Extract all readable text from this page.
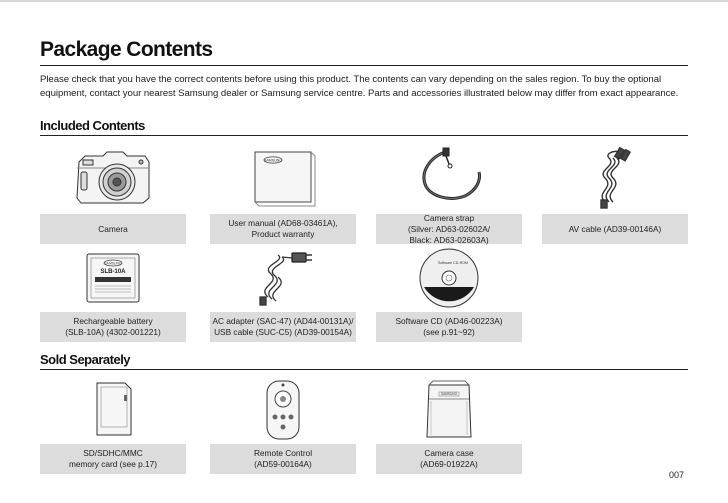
Package Contents

Please check that you have the correct contents before using this product. The contents can vary depending on the sales region. To buy the optional equipment, contact your nearest Samsung dealer or Samsung service centre. Parts and accessories illustrated below may differ from exact appearance.

Included Contents
Camera
SAMSUNG
User manual (AD68-03461A),
Product warranty
Camera strap
(Silver: AD63-02602A/
Black: AD63-02603A)
AV cable (AD39-00146A)
SAMSUNG
SLB-10A
Rechargeable battery
(SLB-10A) (4302-001221)
AC adapter (SAC-47) (AD44-00131A)/
USB cable (SUC-C5) (AD39-00154A)
Software CD-ROM
Software CD (AD46-00223A)
(see p.91~92)
Sold Separately
SD/SDHC/MMC
memory card (see p.17)
Remote Control
(AD59-00164A)
SAMSUNG
Camera case
(AD69-01922A)
007
